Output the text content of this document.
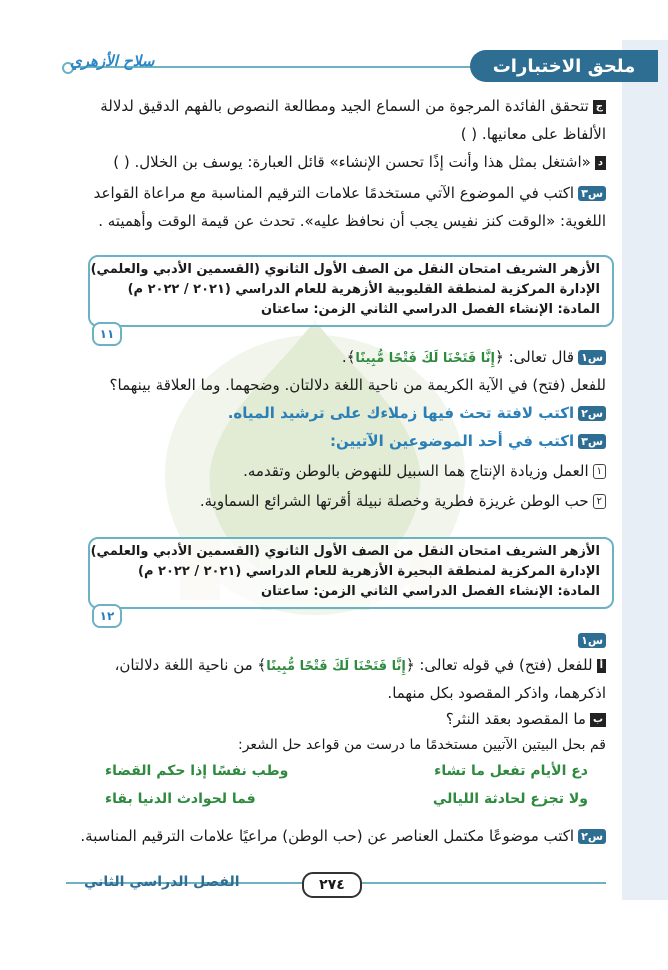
سلاح الأزهري	ملحق الاختبارات
جتتحقق الفائدة المرجوة من السماع الجيد ومطالعة النصوص بالفهم الدقيق لدلالة
الألفاظ على معانيها. ( )
د«اشتغل بمثل هذا وأنت إذًا تحسن الإنشاء» قائل العبارة: يوسف بن الخلال. ( )
س٣اكتب في الموضوع الآتي مستخدمًا علامات الترقيم المناسبة مع مراعاة القواعد
اللغوية: «الوقت كنز نفيس يجب أن نحافظ عليه». تحدث عن قيمة الوقت وأهميته .
الأزهر الشريف امتحان النقل من الصف الأول الثانوي (القسمين الأدبي والعلمي)
الإدارة المركزية لمنطقة القليوبية الأزهرية للعام الدراسي (٢٠٢١ / ٢٠٢٢ م)
المادة: الإنشاء الفصل الدراسي الثاني الزمن: ساعتان
١١
س١قال تعالى: ﴿إِنَّا فَتَحْنَا لَكَ فَتْحًا مُّبِينًا﴾.
للفعل (فتح) في الآية الكريمة من ناحية اللغة دلالتان. وضحهما. وما العلاقة بينهما؟
س٢اكتب لافتة تحث فيها زملاءك على ترشيد المياه.
س٣اكتب في أحد الموضوعين الآتيين:
١العمل وزيادة الإنتاج هما السبيل للنهوض بالوطن وتقدمه.
٢حب الوطن غريزة فطرية وخصلة نبيلة أقرتها الشرائع السماوية.
الأزهر الشريف امتحان النقل من الصف الأول الثانوي (القسمين الأدبي والعلمي)
الإدارة المركزية لمنطقة البحيرة الأزهرية للعام الدراسي (٢٠٢١ / ٢٠٢٢ م)
المادة: الإنشاء الفصل الدراسي الثاني الزمن: ساعتان
١٢
س١
أللفعل (فتح) في قوله تعالى: ﴿إِنَّا فَتَحْنَا لَكَ فَتْحًا مُّبِينًا﴾ من ناحية اللغة دلالتان،
اذكرهما، واذكر المقصود بكل منهما.
بما المقصود بعقد النثر؟
قم بحل البيتين الآتيين مستخدمًا ما درست من قواعد حل الشعر:
دع الأيام تفعل ما تشاء
وطب نفسًا إذا حكم القضاء
ولا تجزع لحادثة الليالي
فما لحوادث الدنيا بقاء
س٢اكتب موضوعًا مكتمل العناصر عن (حب الوطن) مراعيًا علامات الترقيم المناسبة.
٢٧٤
الفصل الدراسي الثاني
